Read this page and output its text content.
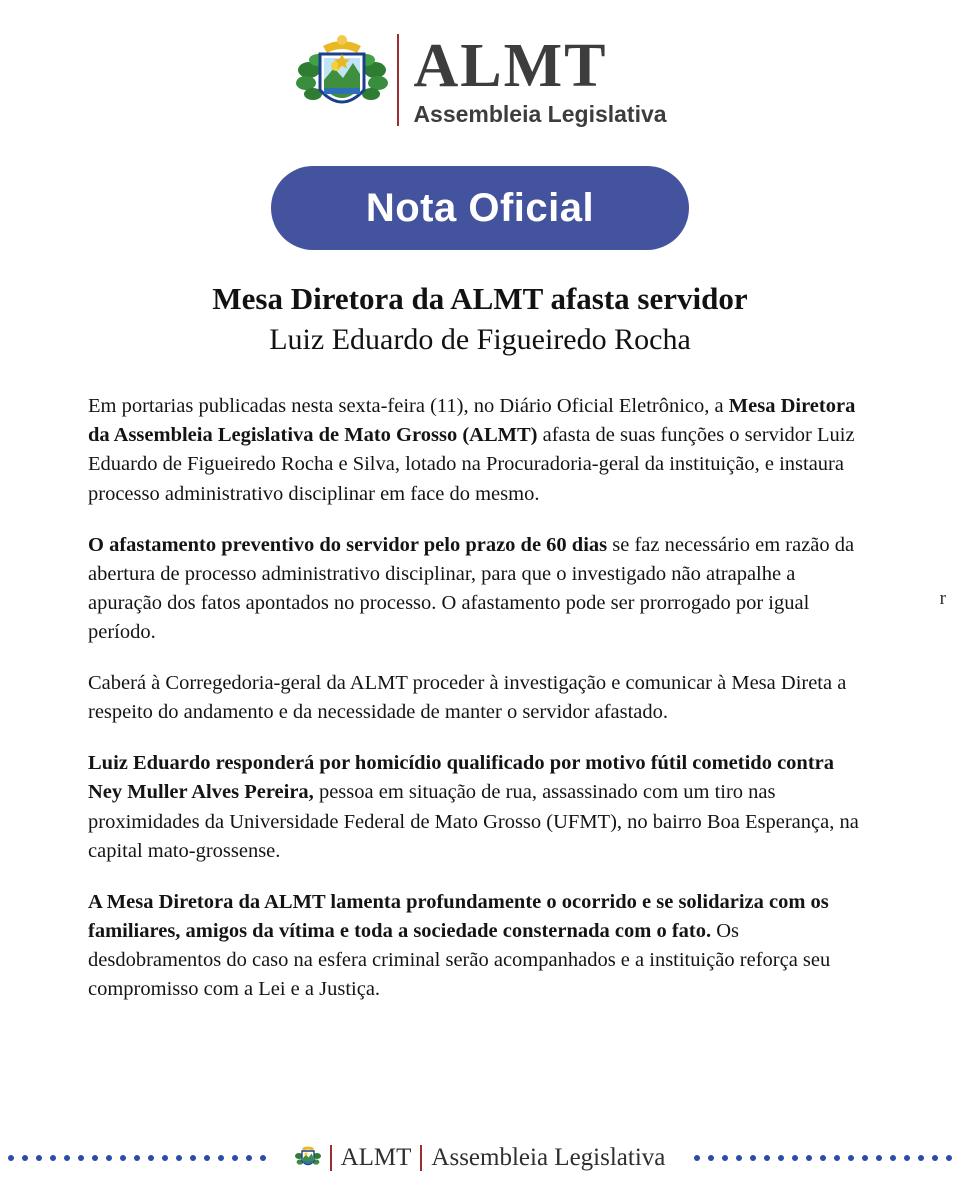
ALMT
Assembleia Legislativa
Nota Oficial
Mesa Diretora da ALMT afasta servidor
Luiz Eduardo de Figueiredo Rocha

Em portarias publicadas nesta sexta-feira (11), no Diário Oficial Eletrônico, a Mesa Diretora da Assembleia Legislativa de Mato Grosso (ALMT) afasta de suas funções o servidor Luiz Eduardo de Figueiredo Rocha e Silva, lotado na Procuradoria-geral da instituição, e instaura processo administrativo disciplinar em face do mesmo.

O afastamento preventivo do servidor pelo prazo de 60 dias se faz necessário em razão da abertura de processo administrativo disciplinar, para que o investigado não atrapalhe a apuração dos fatos apontados no processo. O afastamento pode ser prorrogado por igual período.

Caberá à Corregedoria-geral da ALMT proceder à investigação e comunicar à Mesa Direta a respeito do andamento e da necessidade de manter o servidor afastado.

Luiz Eduardo responderá por homicídio qualificado por motivo fútil cometido contra Ney Muller Alves Pereira, pessoa em situação de rua, assassinado com um tiro nas proximidades da Universidade Federal de Mato Grosso (UFMT), no bairro Boa Esperança, na capital mato-grossense.

A Mesa Diretora da ALMT lamenta profundamente o ocorrido e se solidariza com os familiares, amigos da vítima e toda a sociedade consternada com o fato. Os desdobramentos do caso na esfera criminal serão acompanhados e a instituição reforça seu compromisso com a Lei e a Justiça.

r
ALMT Assembleia Legislativa
